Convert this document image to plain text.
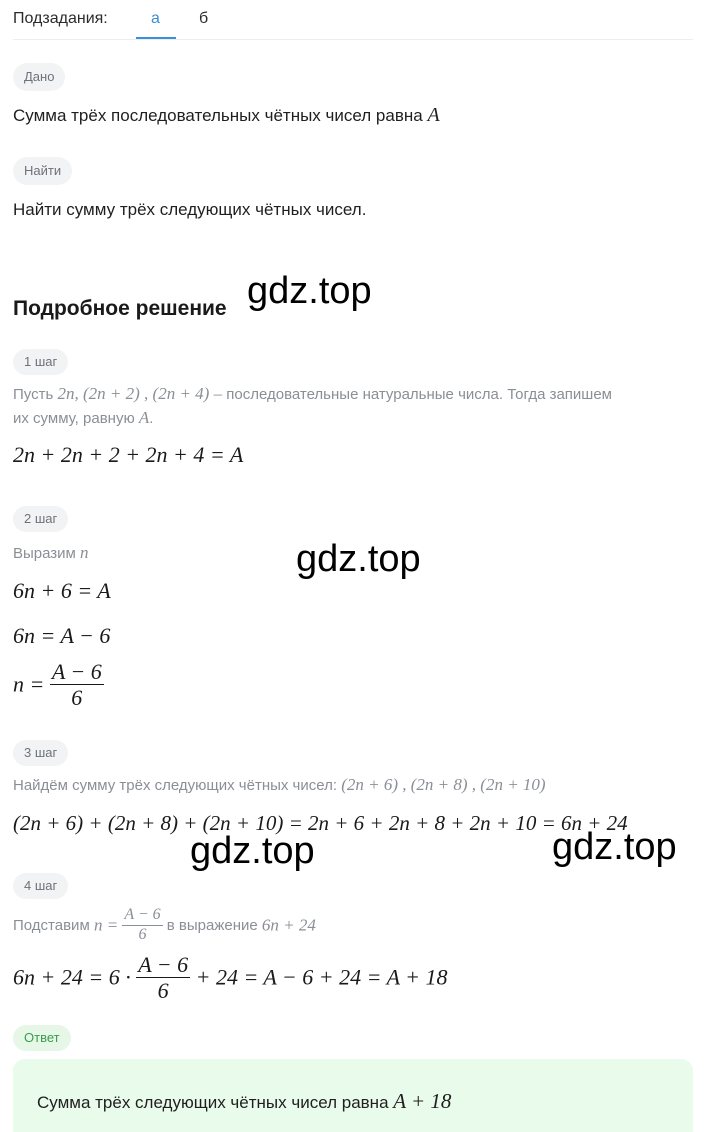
Подзадания:	а б
Дано
Сумма трёх последовательных чётных чисел равна A
Найти
Найти сумму трёх следующих чётных чисел.
Подробное решение
1 шаг
Пусть 2n, (2n + 2) , (2n + 4) – последовательные натуральные числа. Тогда запишем
их сумму, равную A.
2n + 2n + 2 + 2n + 4 = A
2 шаг
Выразим n
6n + 6 = A
6n = A − 6
$n = \frac{A - 6}{6}$
3 шаг
Найдём сумму трёх следующих чётных чисел: (2n + 6) , (2n + 8) , (2n + 10)
(2n + 6) + (2n + 8) + (2n + 10) = 2n + 6 + 2n + 8 + 2n + 10 = 6n + 24
4 шаг
Подставим $n = \frac{A - 6}{6}$ в выражение 6n + 24
$6n + 24 = 6 \cdot \frac{A - 6}{6} + 24 = A - 6 + 24 = A + 18$
Ответ
Сумма трёх следующих чётных чисел равна A + 18
gdz.top
gdz.top
gdz.top	gdz.top
